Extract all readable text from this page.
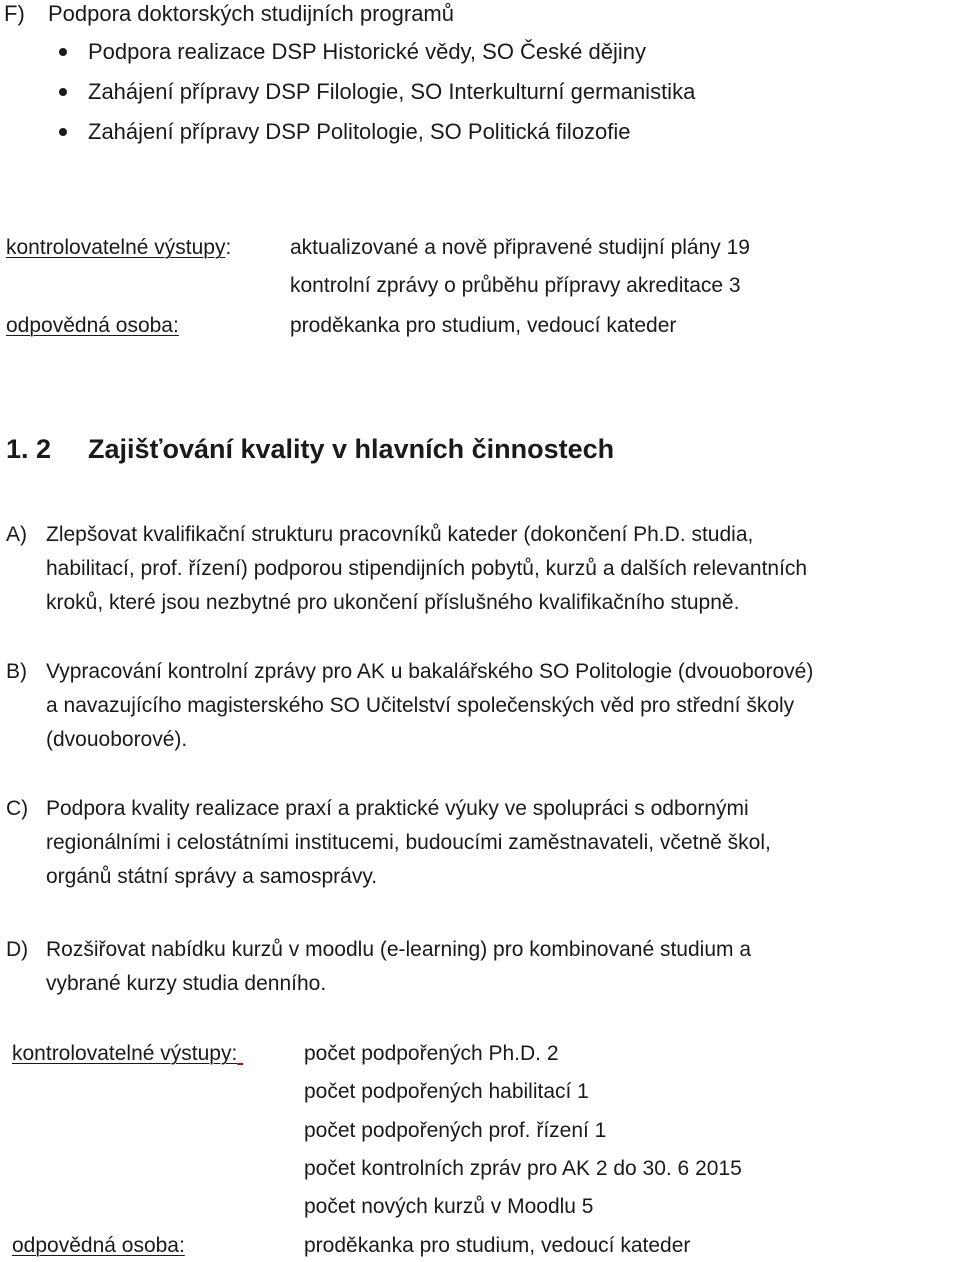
F) Podpora doktorských studijních programů
Podpora realizace DSP Historické vědy, SO České dějiny
Zahájení přípravy DSP Filologie, SO Interkulturní germanistika
Zahájení přípravy DSP Politologie, SO Politická filozofie
kontrolovatelné výstupy:	aktualizované a nově připravené studijní plány 19
kontrolní zprávy o průběhu přípravy akreditace 3
odpovědná osoba:	proděkanka pro studium, vedoucí kateder
1. 2 Zajišťování kvality v hlavních činnostech
A) Zlepšovat kvalifikační strukturu pracovníků kateder (dokončení Ph.D. studia,
habilitací, prof. řízení) podporou stipendijních pobytů, kurzů a dalších relevantních
kroků, které jsou nezbytné pro ukončení příslušného kvalifikačního stupně.
B) Vypracování kontrolní zprávy pro AK u bakalářského SO Politologie (dvouoborové)
a navazujícího magisterského SO Učitelství společenských věd pro střední školy
(dvouoborové).
C) Podpora kvality realizace praxí a praktické výuky ve spolupráci s odbornými
regionálními i celostátními institucemi, budoucími zaměstnavateli, včetně škol,
orgánů státní správy a samosprávy.
D) Rozšiřovat nabídku kurzů v moodlu (e-learning) pro kombinované studium a
vybrané kurzy studia denního.
kontrolovatelné výstupy:	počet podpořených Ph.D. 2
počet podpořených habilitací 1
počet podpořených prof. řízení 1
počet kontrolních zpráv pro AK 2 do 30. 6 2015
počet nových kurzů v Moodlu 5
odpovědná osoba:	proděkanka pro studium, vedoucí kateder
